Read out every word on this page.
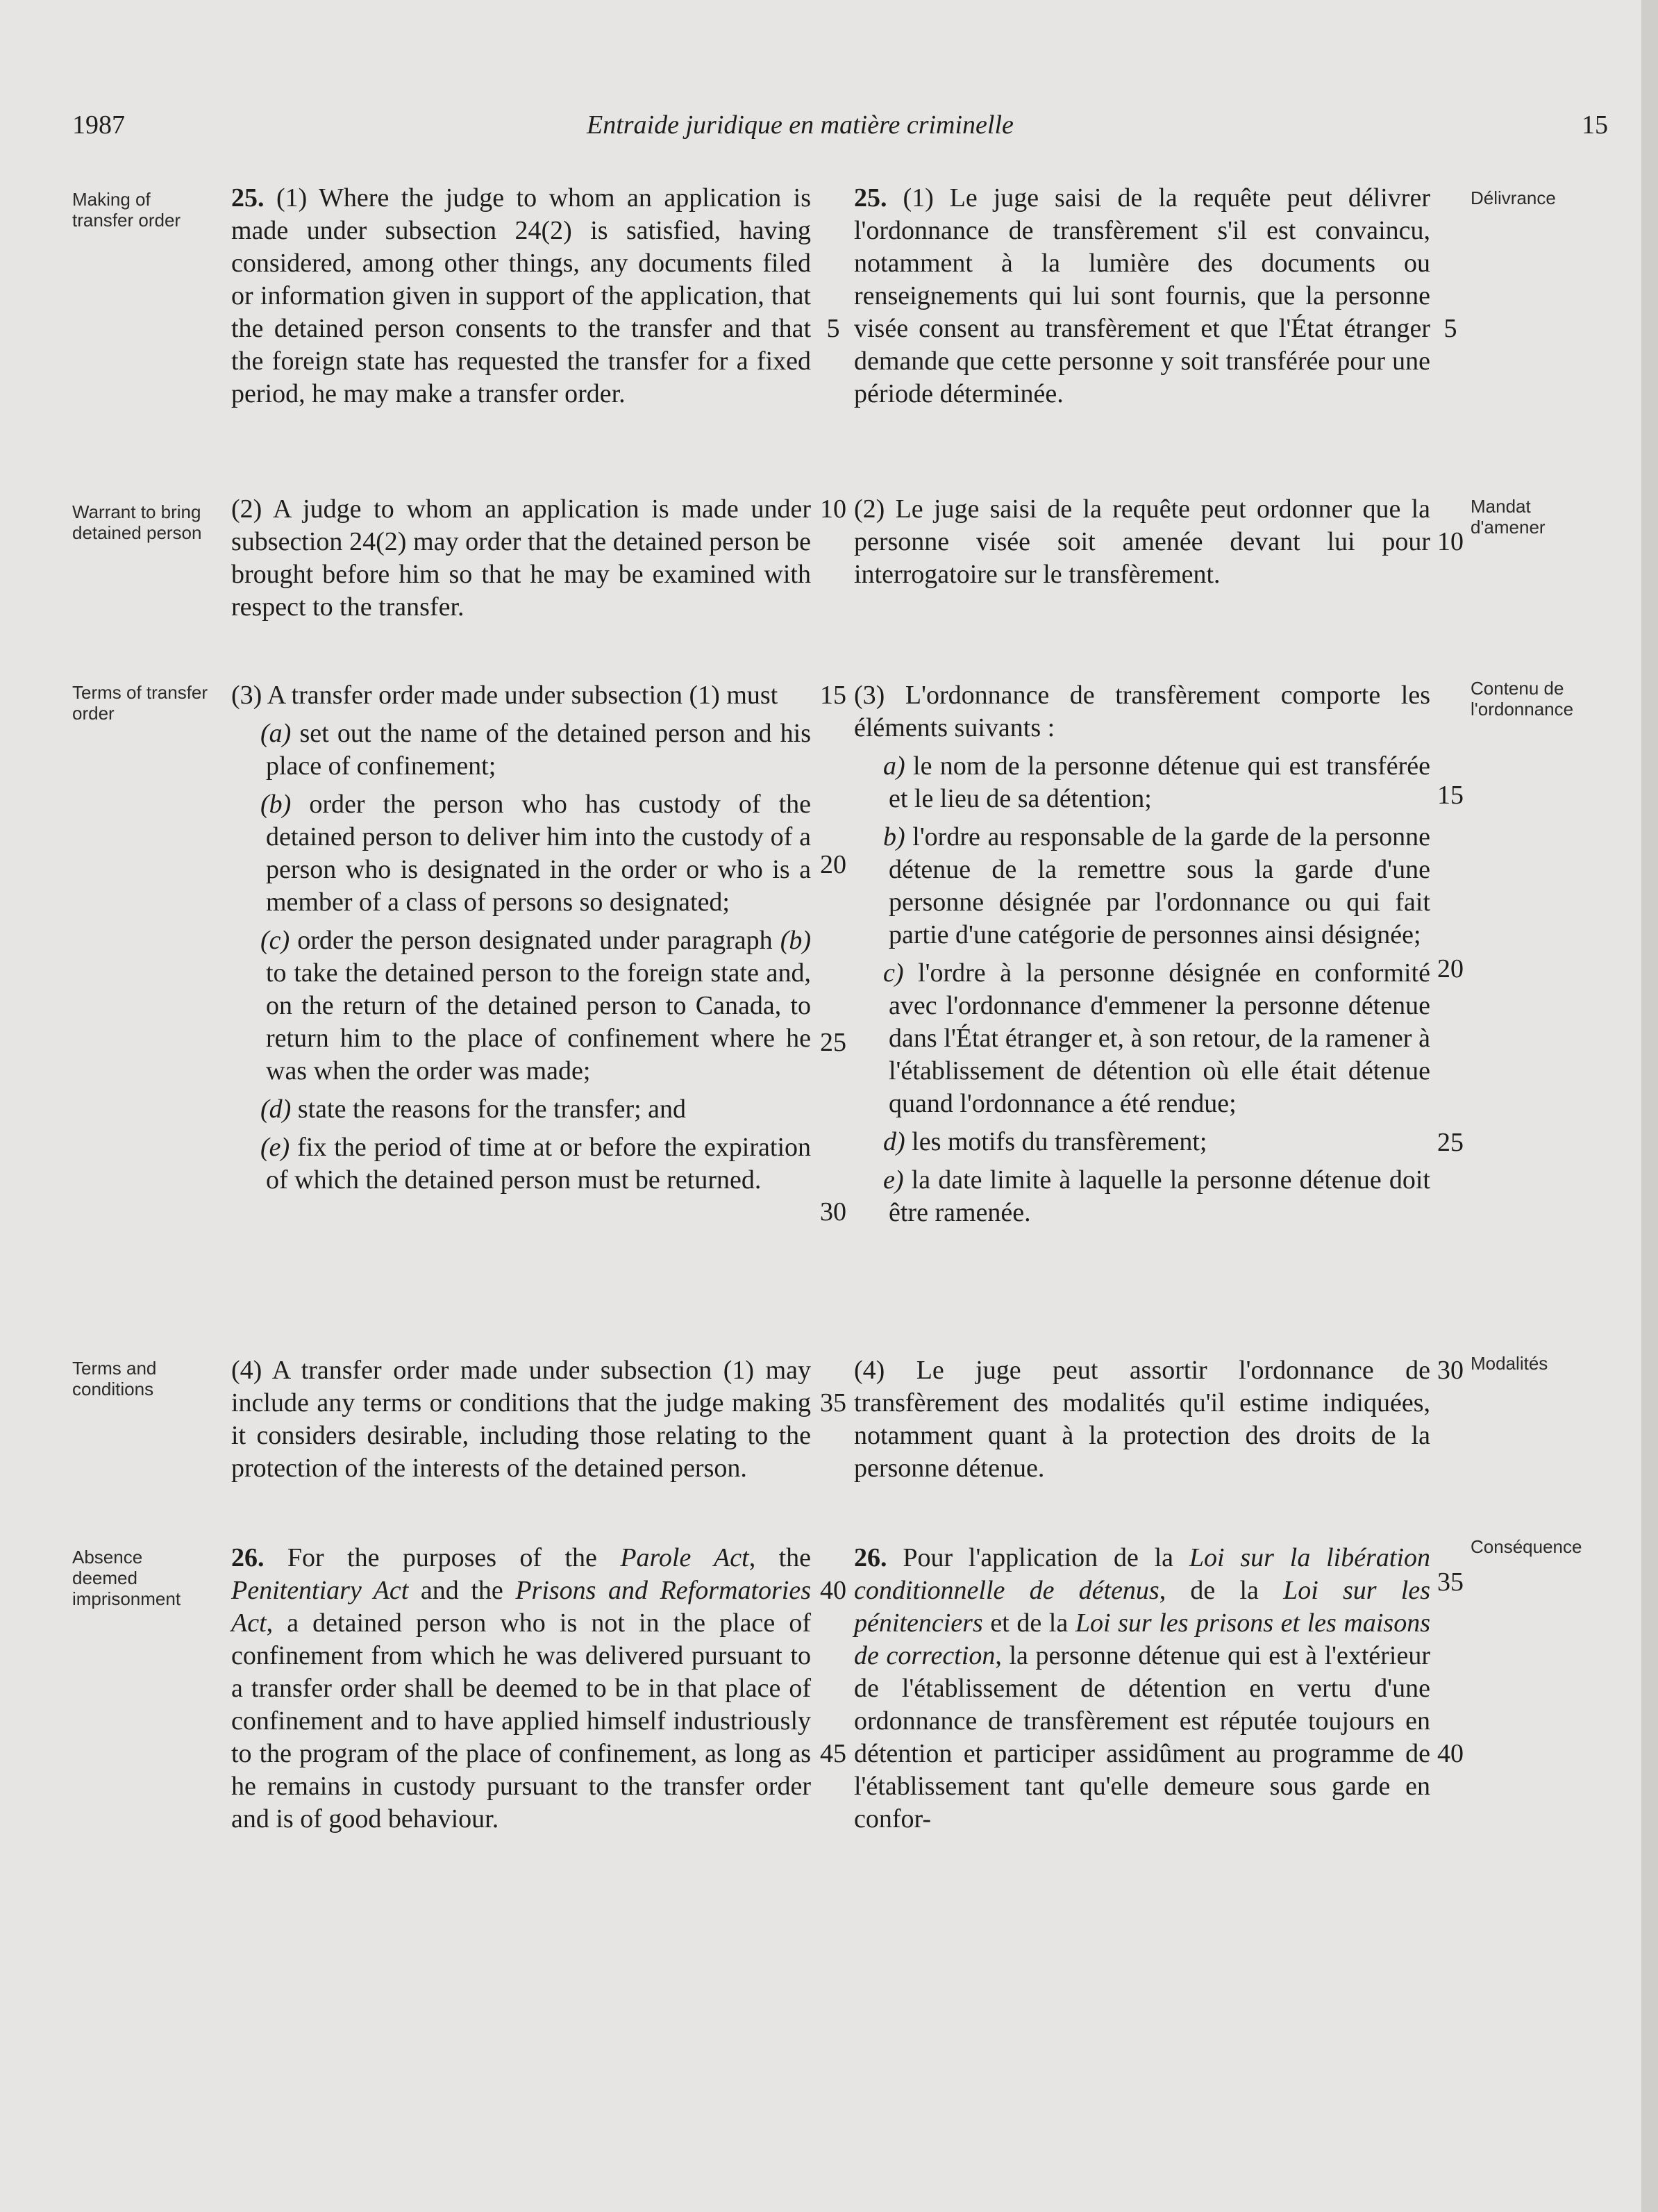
1987	Entraide juridique en matière criminelle	15
Making of transfer order
Warrant to bring detained person
Terms of transfer order
Terms and conditions
Absence deemed imprisonment
Délivrance
Mandat d'amener
Contenu de l'ordonnance
Modalités
Conséquence

25. (1) Where the judge to whom an application is made under subsection 24(2) is satisfied, having considered, among other things, any documents filed or information given in support of the application, that the detained person consents to the transfer and that the foreign state has requested the transfer for a fixed period, he may make a transfer order.

(2) A judge to whom an application is made under subsection 24(2) may order that the detained person be brought before him so that he may be examined with respect to the transfer.

(3) A transfer order made under subsection (1) must

(a) set out the name of the detained person and his place of confinement;

(b) order the person who has custody of the detained person to deliver him into the custody of a person who is designated in the order or who is a member of a class of persons so designated;

(c) order the person designated under paragraph (b) to take the detained person to the foreign state and, on the return of the detained person to Canada, to return him to the place of confinement where he was when the order was made;

(d) state the reasons for the transfer; and

(e) fix the period of time at or before the expiration of which the detained person must be returned.

(4) A transfer order made under subsection (1) may include any terms or conditions that the judge making it considers desirable, including those relating to the protection of the interests of the detained person.

26. For the purposes of the Parole Act, the Penitentiary Act and the Prisons and Reformatories Act, a detained person who is not in the place of confinement from which he was delivered pursuant to a transfer order shall be deemed to be in that place of confinement and to have applied himself industriously to the program of the place of confinement, as long as he remains in custody pursuant to the transfer order and is of good behaviour.

25. (1) Le juge saisi de la requête peut délivrer l'ordonnance de transfèrement s'il est convaincu, notamment à la lumière des documents ou renseignements qui lui sont fournis, que la personne visée consent au transfèrement et que l'État étranger demande que cette personne y soit transférée pour une période déterminée.

(2) Le juge saisi de la requête peut ordonner que la personne visée soit amenée devant lui pour interrogatoire sur le transfèrement.

(3) L'ordonnance de transfèrement comporte les éléments suivants :

a) le nom de la personne détenue qui est transférée et le lieu de sa détention;

b) l'ordre au responsable de la garde de la personne détenue de la remettre sous la garde d'une personne désignée par l'ordonnance ou qui fait partie d'une catégorie de personnes ainsi désignée;

c) l'ordre à la personne désignée en conformité avec l'ordonnance d'emmener la personne détenue dans l'État étranger et, à son retour, de la ramener à l'établissement de détention où elle était détenue quand l'ordonnance a été rendue;

d) les motifs du transfèrement;

e) la date limite à laquelle la personne détenue doit être ramenée.

(4) Le juge peut assortir l'ordonnance de transfèrement des modalités qu'il estime indiquées, notamment quant à la protection des droits de la personne détenue.

26. Pour l'application de la Loi sur la libération conditionnelle de détenus, de la Loi sur les pénitenciers et de la Loi sur les prisons et les maisons de correction, la personne détenue qui est à l'extérieur de l'établissement de détention en vertu d'une ordonnance de transfèrement est réputée toujours en détention et participer assidûment au programme de l'établissement tant qu'elle demeure sous garde en confor-

5
10
15
20
25
30
35
40
45
5
10
15
20
25
30
35
40
